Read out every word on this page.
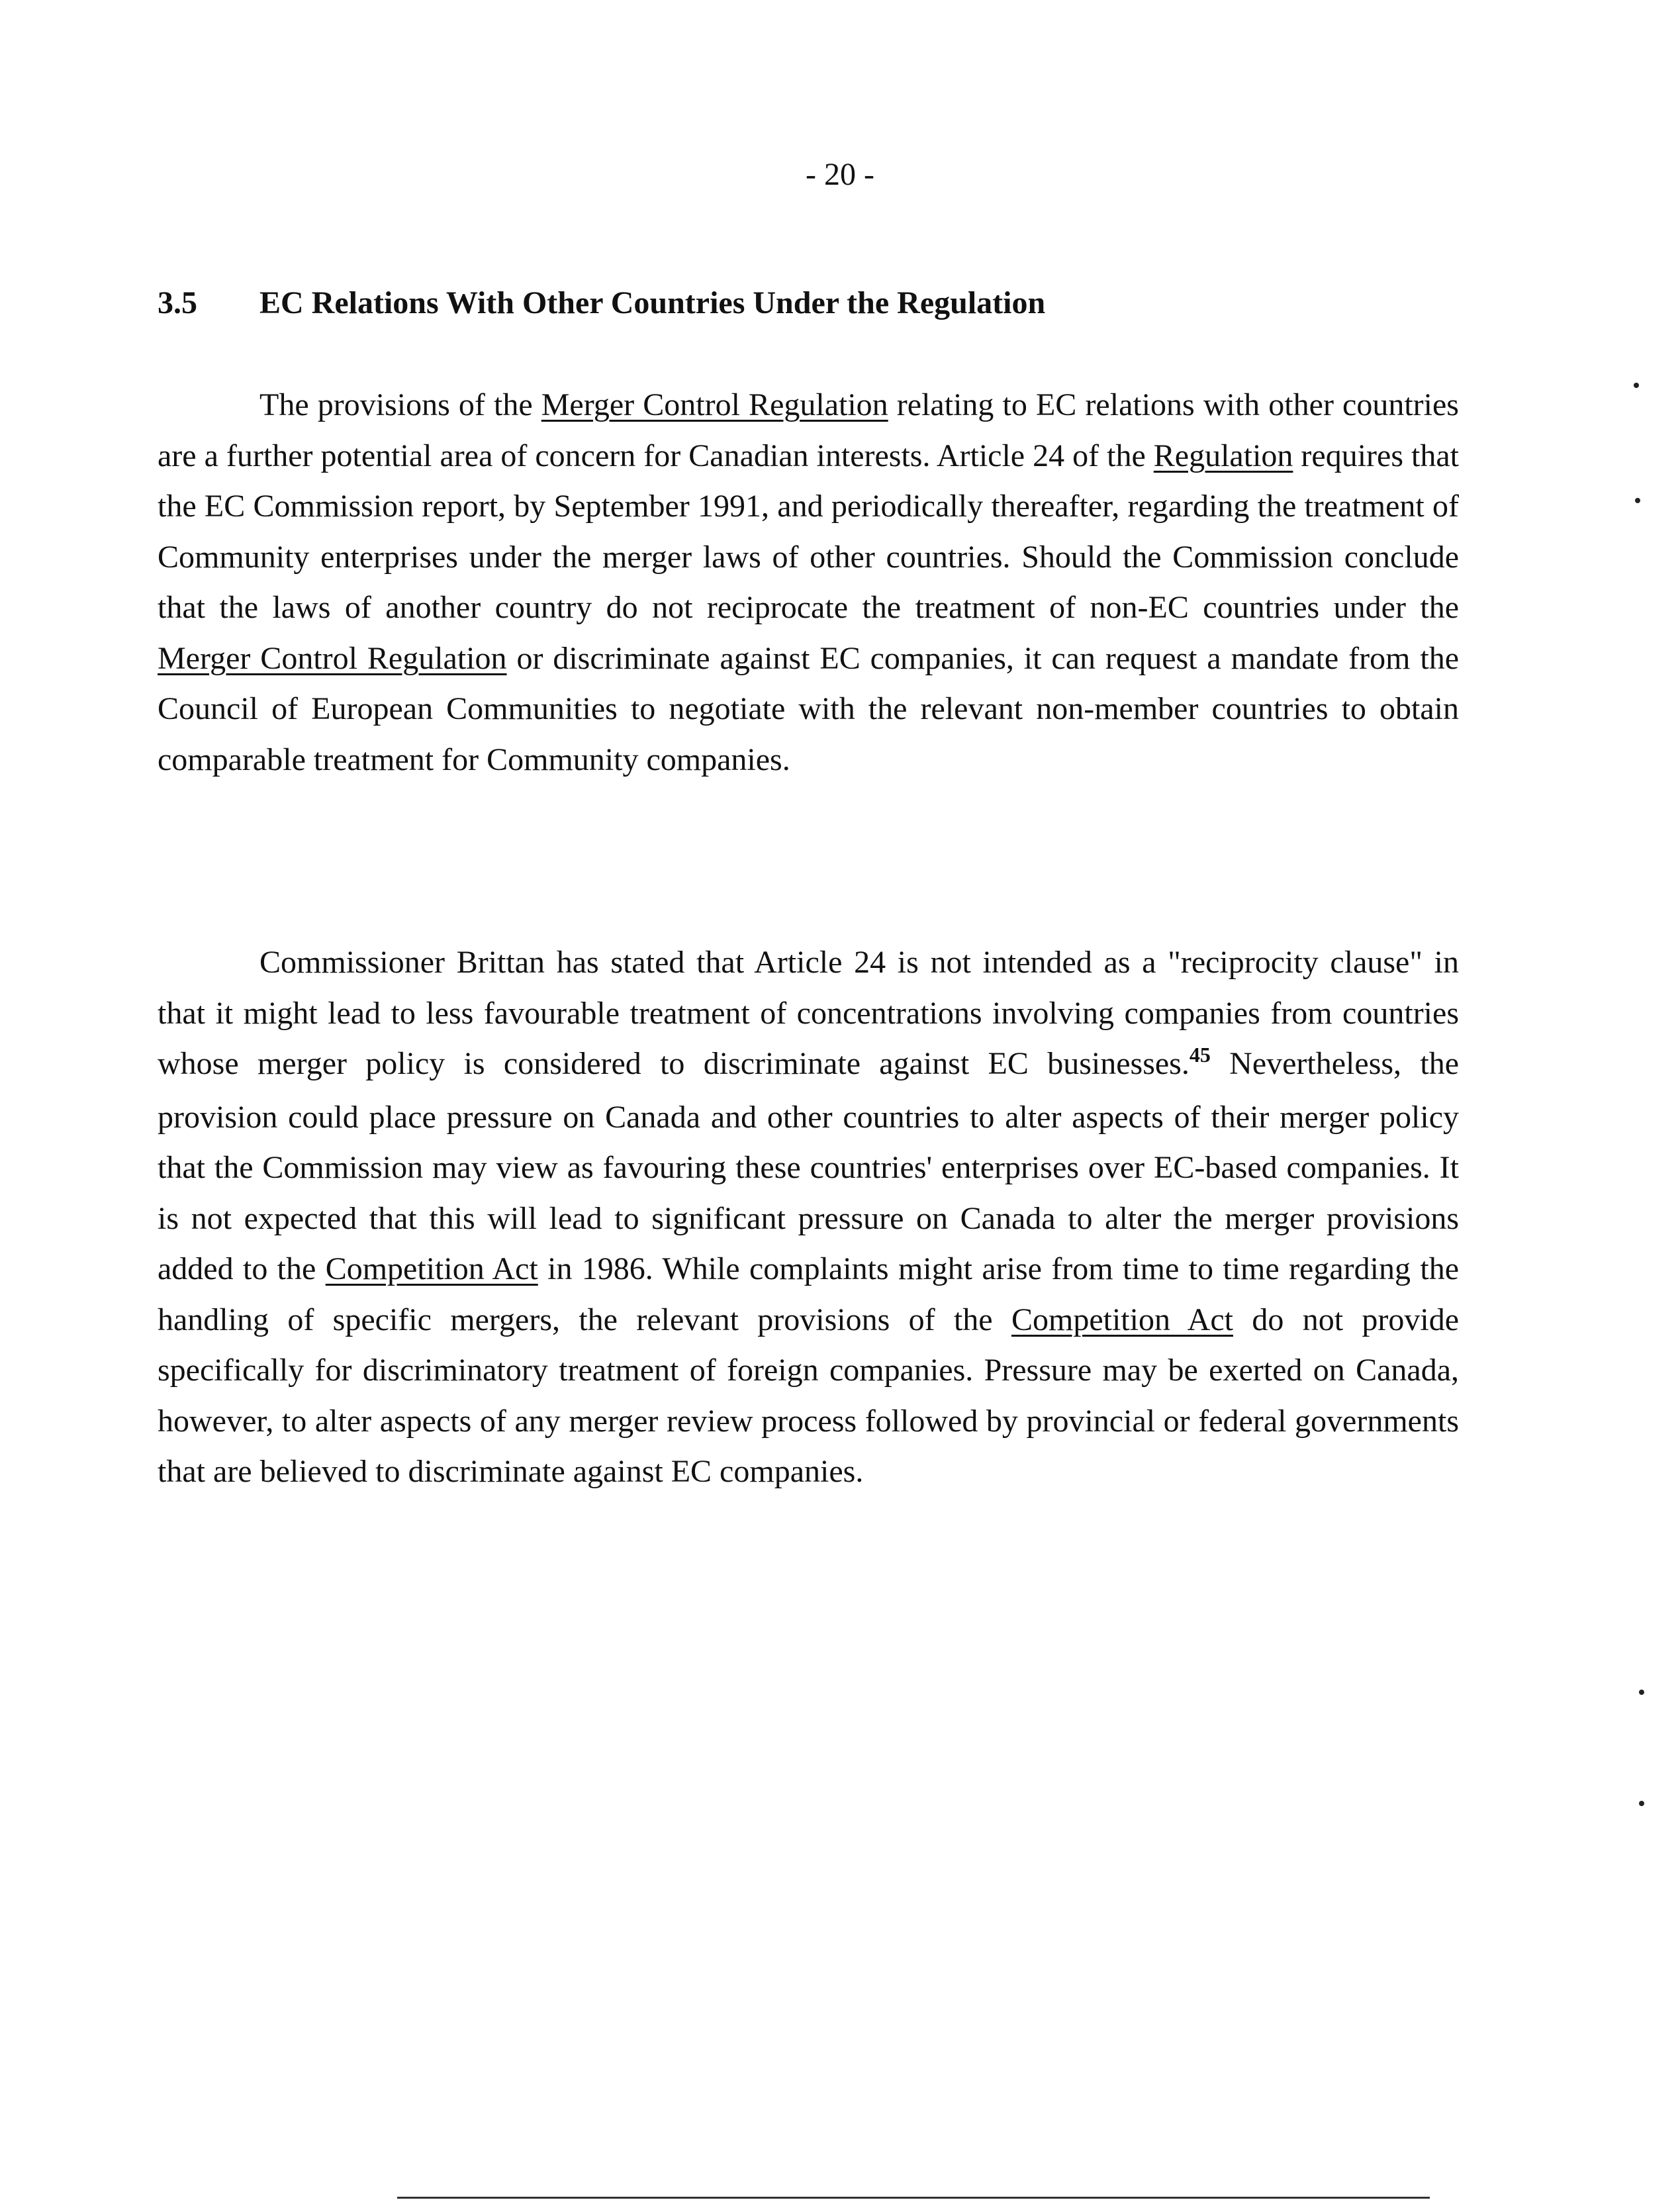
- 20 -
3.5 EC Relations With Other Countries Under the Regulation

The provisions of the Merger Control Regulation relating to EC relations with other countries are a further potential area of concern for Canadian interests. Article 24 of the Regulation requires that the EC Commission report, by September 1991, and periodically thereafter, regarding the treatment of Community enterprises under the merger laws of other countries. Should the Commission conclude that the laws of another country do not reciprocate the treatment of non-EC countries under the Merger Control Regulation or discriminate against EC companies, it can request a mandate from the Council of European Communities to negotiate with the relevant non-member countries to obtain comparable treatment for Community companies.

Commissioner Brittan has stated that Article 24 is not intended as a "reciprocity clause" in that it might lead to less favourable treatment of concentrations involving companies from countries whose merger policy is considered to discriminate against EC businesses.$^{45}$ Nevertheless, the provision could place pressure on Canada and other countries to alter aspects of their merger policy that the Commission may view as favouring these countries' enterprises over EC-based companies. It is not expected that this will lead to significant pressure on Canada to alter the merger provisions added to the Competition Act in 1986. While complaints might arise from time to time regarding the handling of specific mergers, the relevant provisions of the Competition Act do not provide specifically for discriminatory treatment of foreign companies. Pressure may be exerted on Canada, however, to alter aspects of any merger review process followed by provincial or federal governments that are believed to discriminate against EC companies.
